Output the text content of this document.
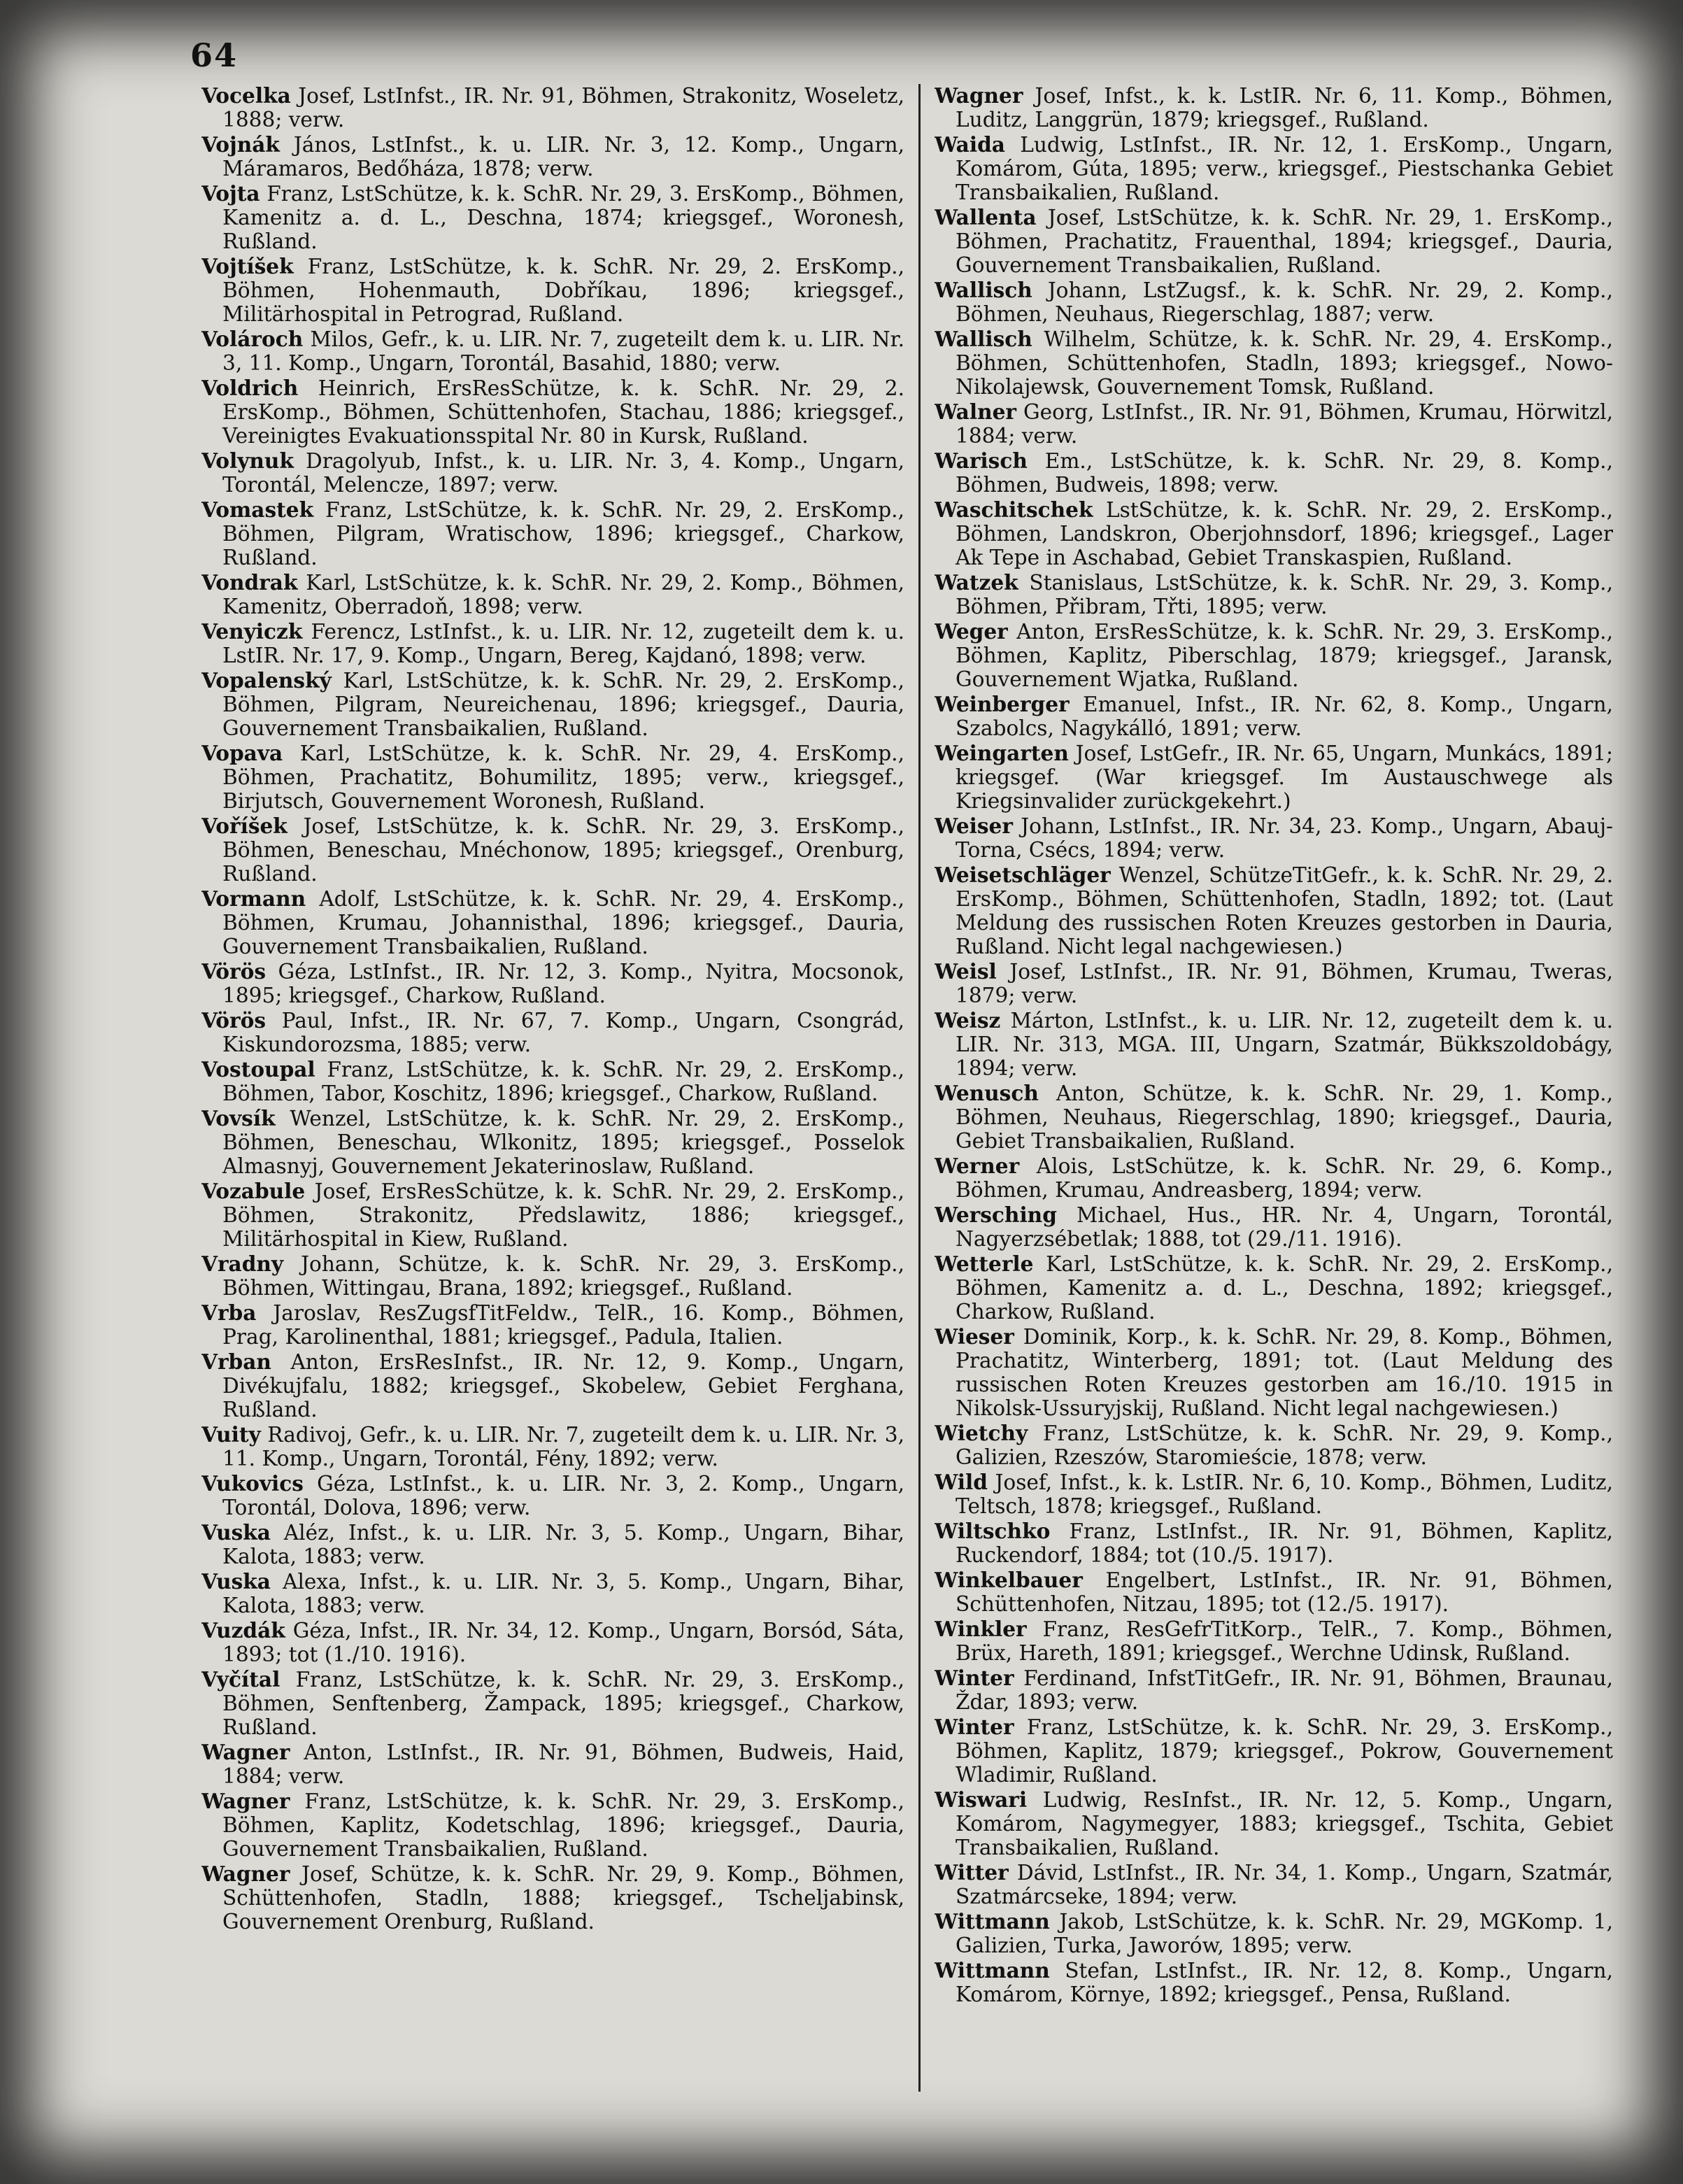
64

Vocelka Josef, LstInfst., IR. Nr. 91, Böhmen, Strakonitz, Woseletz, 1888; verw.

Vojnák János, LstInfst., k. u. LIR. Nr. 3, 12. Komp., Ungarn, Máramaros, Bedőháza, 1878; verw.

Vojta Franz, LstSchütze, k. k. SchR. Nr. 29, 3. ErsKomp., Böhmen, Kamenitz a. d. L., Deschna, 1874; kriegsgef., Woronesh, Rußland.

Vojtíšek Franz, LstSchütze, k. k. SchR. Nr. 29, 2. ErsKomp., Böhmen, Hohenmauth, Dobříkau, 1896; kriegsgef., Militärhospital in Petrograd, Rußland.

Volároch Milos, Gefr., k. u. LIR. Nr. 7, zugeteilt dem k. u. LIR. Nr. 3, 11. Komp., Ungarn, Torontál, Basahid, 1880; verw.

Voldrich Heinrich, ErsResSchütze, k. k. SchR. Nr. 29, 2. ErsKomp., Böhmen, Schüttenhofen, Stachau, 1886; kriegsgef., Vereinigtes Evakuationsspital Nr. 80 in Kursk, Rußland.

Volynuk Dragolyub, Infst., k. u. LIR. Nr. 3, 4. Komp., Ungarn, Torontál, Melencze, 1897; verw.

Vomastek Franz, LstSchütze, k. k. SchR. Nr. 29, 2. ErsKomp., Böhmen, Pilgram, Wratischow, 1896; kriegsgef., Charkow, Rußland.

Vondrak Karl, LstSchütze, k. k. SchR. Nr. 29, 2. Komp., Böhmen, Kamenitz, Oberradoň, 1898; verw.

Venyiczk Ferencz, LstInfst., k. u. LIR. Nr. 12, zugeteilt dem k. u. LstIR. Nr. 17, 9. Komp., Ungarn, Bereg, Kajdanó, 1898; verw.

Vopalenský Karl, LstSchütze, k. k. SchR. Nr. 29, 2. ErsKomp., Böhmen, Pilgram, Neureichenau, 1896; kriegsgef., Dauria, Gouvernement Transbaikalien, Rußland.

Vopava Karl, LstSchütze, k. k. SchR. Nr. 29, 4. ErsKomp., Böhmen, Prachatitz, Bohumilitz, 1895; verw., kriegsgef., Birjutsch, Gouvernement Woronesh, Rußland.

Voříšek Josef, LstSchütze, k. k. SchR. Nr. 29, 3. ErsKomp., Böhmen, Beneschau, Mnéchonow, 1895; kriegsgef., Orenburg, Rußland.

Vormann Adolf, LstSchütze, k. k. SchR. Nr. 29, 4. ErsKomp., Böhmen, Krumau, Johannisthal, 1896; kriegsgef., Dauria, Gouvernement Transbaikalien, Rußland.

Vörös Géza, LstInfst., IR. Nr. 12, 3. Komp., Nyitra, Mocsonok, 1895; kriegsgef., Charkow, Rußland.

Vörös Paul, Infst., IR. Nr. 67, 7. Komp., Ungarn, Csongrád, Kiskundorozsma, 1885; verw.

Vostoupal Franz, LstSchütze, k. k. SchR. Nr. 29, 2. ErsKomp., Böhmen, Tabor, Koschitz, 1896; kriegsgef., Charkow, Rußland.

Vovsík Wenzel, LstSchütze, k. k. SchR. Nr. 29, 2. ErsKomp., Böhmen, Beneschau, Wlkonitz, 1895; kriegsgef., Posselok Almasnyj, Gouvernement Jekaterinoslaw, Rußland.

Vozabule Josef, ErsResSchütze, k. k. SchR. Nr. 29, 2. ErsKomp., Böhmen, Strakonitz, Předslawitz, 1886; kriegsgef., Militärhospital in Kiew, Rußland.

Vradny Johann, Schütze, k. k. SchR. Nr. 29, 3. ErsKomp., Böhmen, Wittingau, Brana, 1892; kriegsgef., Rußland.

Vrba Jaroslav, ResZugsfTitFeldw., TelR., 16. Komp., Böhmen, Prag, Karolinenthal, 1881; kriegsgef., Padula, Italien.

Vrban Anton, ErsResInfst., IR. Nr. 12, 9. Komp., Ungarn, Divékujfalu, 1882; kriegsgef., Skobelew, Gebiet Ferghana, Rußland.

Vuity Radivoj, Gefr., k. u. LIR. Nr. 7, zugeteilt dem k. u. LIR. Nr. 3, 11. Komp., Ungarn, Torontál, Fény, 1892; verw.

Vukovics Géza, LstInfst., k. u. LIR. Nr. 3, 2. Komp., Ungarn, Torontál, Dolova, 1896; verw.

Vuska Aléz, Infst., k. u. LIR. Nr. 3, 5. Komp., Ungarn, Bihar, Kalota, 1883; verw.

Vuska Alexa, Infst., k. u. LIR. Nr. 3, 5. Komp., Ungarn, Bihar, Kalota, 1883; verw.

Vuzdák Géza, Infst., IR. Nr. 34, 12. Komp., Ungarn, Borsód, Sáta, 1893; tot (1./10. 1916).

Vyčítal Franz, LstSchütze, k. k. SchR. Nr. 29, 3. ErsKomp., Böhmen, Senftenberg, Žampack, 1895; kriegsgef., Charkow, Rußland.

Wagner Anton, LstInfst., IR. Nr. 91, Böhmen, Budweis, Haid, 1884; verw.

Wagner Franz, LstSchütze, k. k. SchR. Nr. 29, 3. ErsKomp., Böhmen, Kaplitz, Kodetschlag, 1896; kriegsgef., Dauria, Gouvernement Transbaikalien, Rußland.

Wagner Josef, Schütze, k. k. SchR. Nr. 29, 9. Komp., Böhmen, Schüttenhofen, Stadln, 1888; kriegsgef., Tscheljabinsk, Gouvernement Orenburg, Rußland.

Wagner Josef, Infst., k. k. LstIR. Nr. 6, 11. Komp., Böhmen, Luditz, Langgrün, 1879; kriegsgef., Rußland.

Waida Ludwig, LstInfst., IR. Nr. 12, 1. ErsKomp., Ungarn, Komárom, Gúta, 1895; verw., kriegsgef., Piestschanka Gebiet Transbaikalien, Rußland.

Wallenta Josef, LstSchütze, k. k. SchR. Nr. 29, 1. ErsKomp., Böhmen, Prachatitz, Frauenthal, 1894; kriegsgef., Dauria, Gouvernement Transbaikalien, Rußland.

Wallisch Johann, LstZugsf., k. k. SchR. Nr. 29, 2. Komp., Böhmen, Neuhaus, Riegerschlag, 1887; verw.

Wallisch Wilhelm, Schütze, k. k. SchR. Nr. 29, 4. ErsKomp., Böhmen, Schüttenhofen, Stadln, 1893; kriegsgef., Nowo-Nikolajewsk, Gouvernement Tomsk, Rußland.

Walner Georg, LstInfst., IR. Nr. 91, Böhmen, Krumau, Hörwitzl, 1884; verw.

Warisch Em., LstSchütze, k. k. SchR. Nr. 29, 8. Komp., Böhmen, Budweis, 1898; verw.

Waschitschek LstSchütze, k. k. SchR. Nr. 29, 2. ErsKomp., Böhmen, Landskron, Oberjohnsdorf, 1896; kriegsgef., Lager Ak Tepe in Aschabad, Gebiet Transkaspien, Rußland.

Watzek Stanislaus, LstSchütze, k. k. SchR. Nr. 29, 3. Komp., Böhmen, Přibram, Třti, 1895; verw.

Weger Anton, ErsResSchütze, k. k. SchR. Nr. 29, 3. ErsKomp., Böhmen, Kaplitz, Piberschlag, 1879; kriegsgef., Jaransk, Gouvernement Wjatka, Rußland.

Weinberger Emanuel, Infst., IR. Nr. 62, 8. Komp., Ungarn, Szabolcs, Nagykálló, 1891; verw.

Weingarten Josef, LstGefr., IR. Nr. 65, Ungarn, Munkács, 1891; kriegsgef. (War kriegsgef. Im Austauschwege als Kriegsinvalider zurückgekehrt.)

Weiser Johann, LstInfst., IR. Nr. 34, 23. Komp., Ungarn, Abauj-Torna, Csécs, 1894; verw.

Weisetschläger Wenzel, SchützeTitGefr., k. k. SchR. Nr. 29, 2. ErsKomp., Böhmen, Schüttenhofen, Stadln, 1892; tot. (Laut Meldung des russischen Roten Kreuzes gestorben in Dauria, Rußland. Nicht legal nachgewiesen.)

Weisl Josef, LstInfst., IR. Nr. 91, Böhmen, Krumau, Tweras, 1879; verw.

Weisz Márton, LstInfst., k. u. LIR. Nr. 12, zugeteilt dem k. u. LIR. Nr. 313, MGA. III, Ungarn, Szatmár, Bükkszoldobágy, 1894; verw.

Wenusch Anton, Schütze, k. k. SchR. Nr. 29, 1. Komp., Böhmen, Neuhaus, Riegerschlag, 1890; kriegsgef., Dauria, Gebiet Transbaikalien, Rußland.

Werner Alois, LstSchütze, k. k. SchR. Nr. 29, 6. Komp., Böhmen, Krumau, Andreasberg, 1894; verw.

Wersching Michael, Hus., HR. Nr. 4, Ungarn, Torontál, Nagyerzsébetlak; 1888, tot (29./11. 1916).

Wetterle Karl, LstSchütze, k. k. SchR. Nr. 29, 2. ErsKomp., Böhmen, Kamenitz a. d. L., Deschna, 1892; kriegsgef., Charkow, Rußland.

Wieser Dominik, Korp., k. k. SchR. Nr. 29, 8. Komp., Böhmen, Prachatitz, Winterberg, 1891; tot. (Laut Meldung des russischen Roten Kreuzes gestorben am 16./10. 1915 in Nikolsk-Ussuryjskij, Rußland. Nicht legal nachgewiesen.)

Wietchy Franz, LstSchütze, k. k. SchR. Nr. 29, 9. Komp., Galizien, Rzeszów, Staromieście, 1878; verw.

Wild Josef, Infst., k. k. LstIR. Nr. 6, 10. Komp., Böhmen, Luditz, Teltsch, 1878; kriegsgef., Rußland.

Wiltschko Franz, LstInfst., IR. Nr. 91, Böhmen, Kaplitz, Ruckendorf, 1884; tot (10./5. 1917).

Winkelbauer Engelbert, LstInfst., IR. Nr. 91, Böhmen, Schüttenhofen, Nitzau, 1895; tot (12./5. 1917).

Winkler Franz, ResGefrTitKorp., TelR., 7. Komp., Böhmen, Brüx, Hareth, 1891; kriegsgef., Werchne Udinsk, Rußland.

Winter Ferdinand, InfstTitGefr., IR. Nr. 91, Böhmen, Braunau, Ždar, 1893; verw.

Winter Franz, LstSchütze, k. k. SchR. Nr. 29, 3. ErsKomp., Böhmen, Kaplitz, 1879; kriegsgef., Pokrow, Gouvernement Wladimir, Rußland.

Wiswari Ludwig, ResInfst., IR. Nr. 12, 5. Komp., Ungarn, Komárom, Nagymegyer, 1883; kriegsgef., Tschita, Gebiet Transbaikalien, Rußland.

Witter Dávid, LstInfst., IR. Nr. 34, 1. Komp., Ungarn, Szatmár, Szatmárcseke, 1894; verw.

Wittmann Jakob, LstSchütze, k. k. SchR. Nr. 29, MGKomp. 1, Galizien, Turka, Jaworów, 1895; verw.

Wittmann Stefan, LstInfst., IR. Nr. 12, 8. Komp., Ungarn, Komárom, Környe, 1892; kriegsgef., Pensa, Rußland.
